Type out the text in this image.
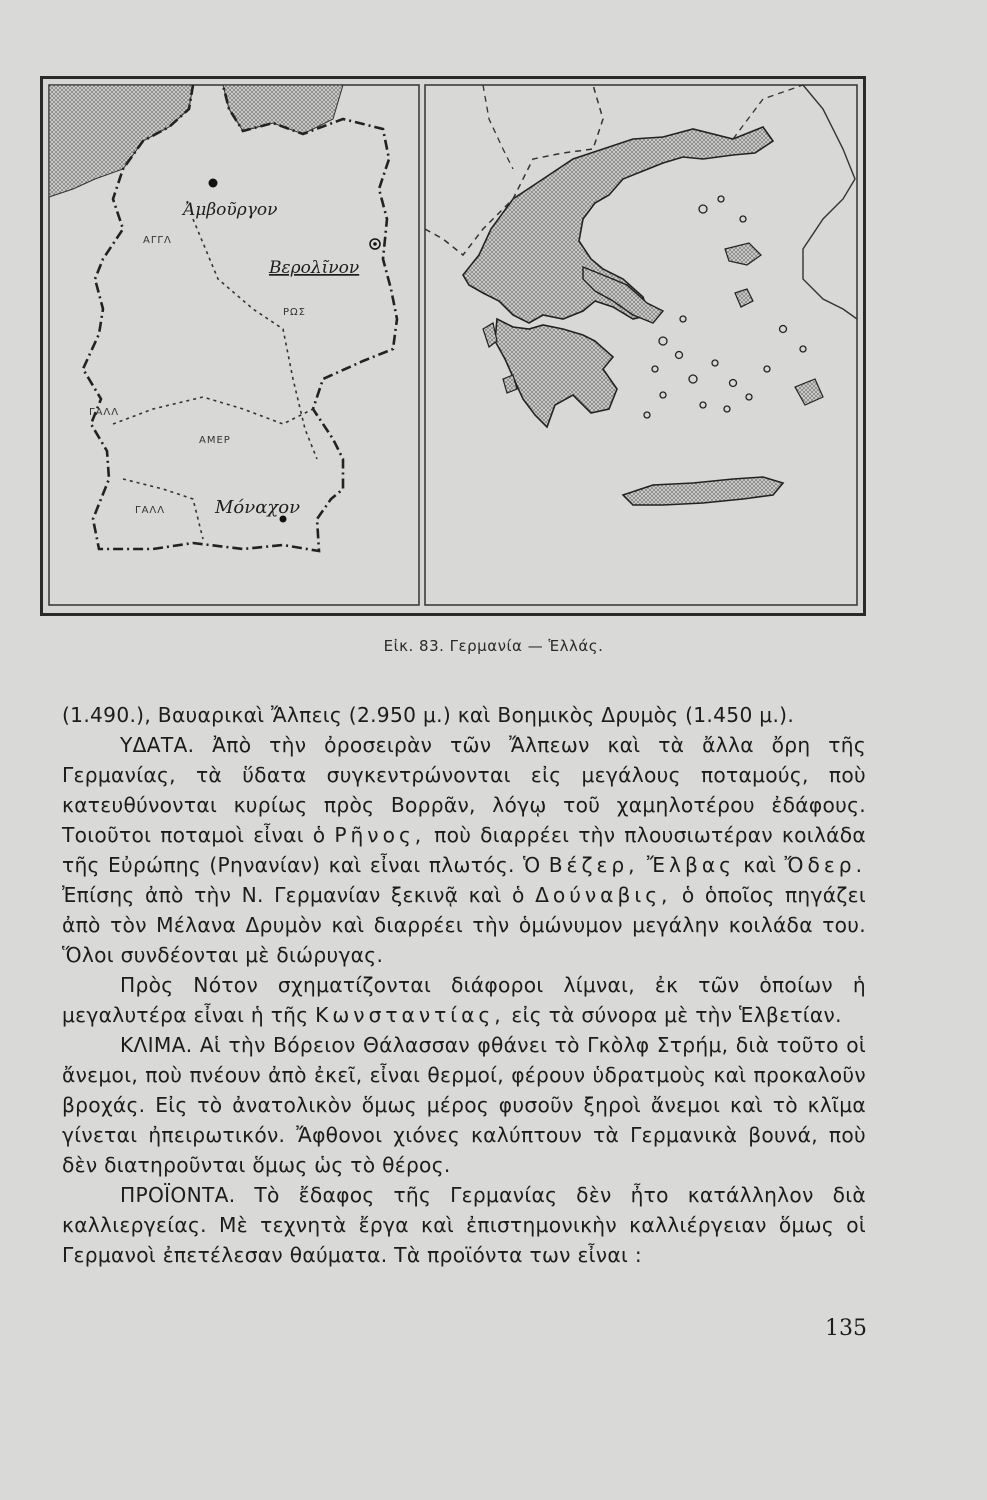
Ἀμβοῦργον
Βερολῖνον
Μόναχον
ΑΓΓΛ
ΡΩΣ
ΓΑΛΛ
ΑΜΕΡ
ΓΑΛΛ
Εἰκ. 83. Γερμανία — Ἑλλάς.

(1.490.), Βαυαρικαὶ Ἄλπεις (2.950 μ.) καὶ Βοημικὸς Δρυμὸς (1.450 μ.).

ΥΔΑΤΑ. Ἀπὸ τὴν ὀροσειρὰν τῶν Ἄλπεων καὶ τὰ ἄλλα ὄρη τῆς Γερμανίας, τὰ ὕδατα συγκεντρώνονται εἰς μεγάλους ποταμούς, ποὺ κατευθύνονται κυρίως πρὸς Βορρᾶν, λόγῳ τοῦ χαμηλοτέρου ἐδάφους. Τοιοῦτοι ποταμοὶ εἶναι ὁ Ρῆνος, ποὺ διαρρέει τὴν πλουσιωτέραν κοιλάδα τῆς Εὐρώπης (Ρηνανίαν) καὶ εἶναι πλωτός. Ὁ Βέζερ, Ἔλβας καὶ Ὄδερ. Ἐπίσης ἀπὸ τὴν Ν. Γερμανίαν ξεκινᾷ καὶ ὁ Δούναβις, ὁ ὁποῖος πηγάζει ἀπὸ τὸν Μέλανα Δρυμὸν καὶ διαρρέει τὴν ὁμώνυμον μεγάλην κοιλάδα του. Ὅλοι συνδέονται μὲ διώρυγας.

Πρὸς Νότον σχηματίζονται διάφοροι λίμναι, ἐκ τῶν ὁποίων ἡ μεγαλυτέρα εἶναι ἡ τῆς Κωνσταντίας, εἰς τὰ σύνορα μὲ τὴν Ἑλβετίαν.

ΚΛΙΜΑ. Αἱ τὴν Βόρειον Θάλασσαν φθάνει τὸ Γκὸλφ Στρήμ, διὰ τοῦτο οἱ ἄνεμοι, ποὺ πνέουν ἀπὸ ἐκεῖ, εἶναι θερμοί, φέρουν ὑδρατμοὺς καὶ προκαλοῦν βροχάς. Εἰς τὸ ἀνατολικὸν ὅμως μέρος φυσοῦν ξηροὶ ἄνεμοι καὶ τὸ κλῖμα γίνεται ἠπειρωτικόν. Ἄφθονοι χιόνες καλύπτουν τὰ Γερμανικὰ βουνά, ποὺ δὲν διατηροῦνται ὅμως ὡς τὸ θέρος.

ΠΡΟΪΟΝΤΑ. Τὸ ἔδαφος τῆς Γερμανίας δὲν ἦτο κατάλληλον διὰ καλλιεργείας. Μὲ τεχνητὰ ἔργα καὶ ἐπιστημονικὴν καλλιέργειαν ὅμως οἱ Γερμανοὶ ἐπετέλεσαν θαύματα. Τὰ προϊόντα των εἶναι :

135
